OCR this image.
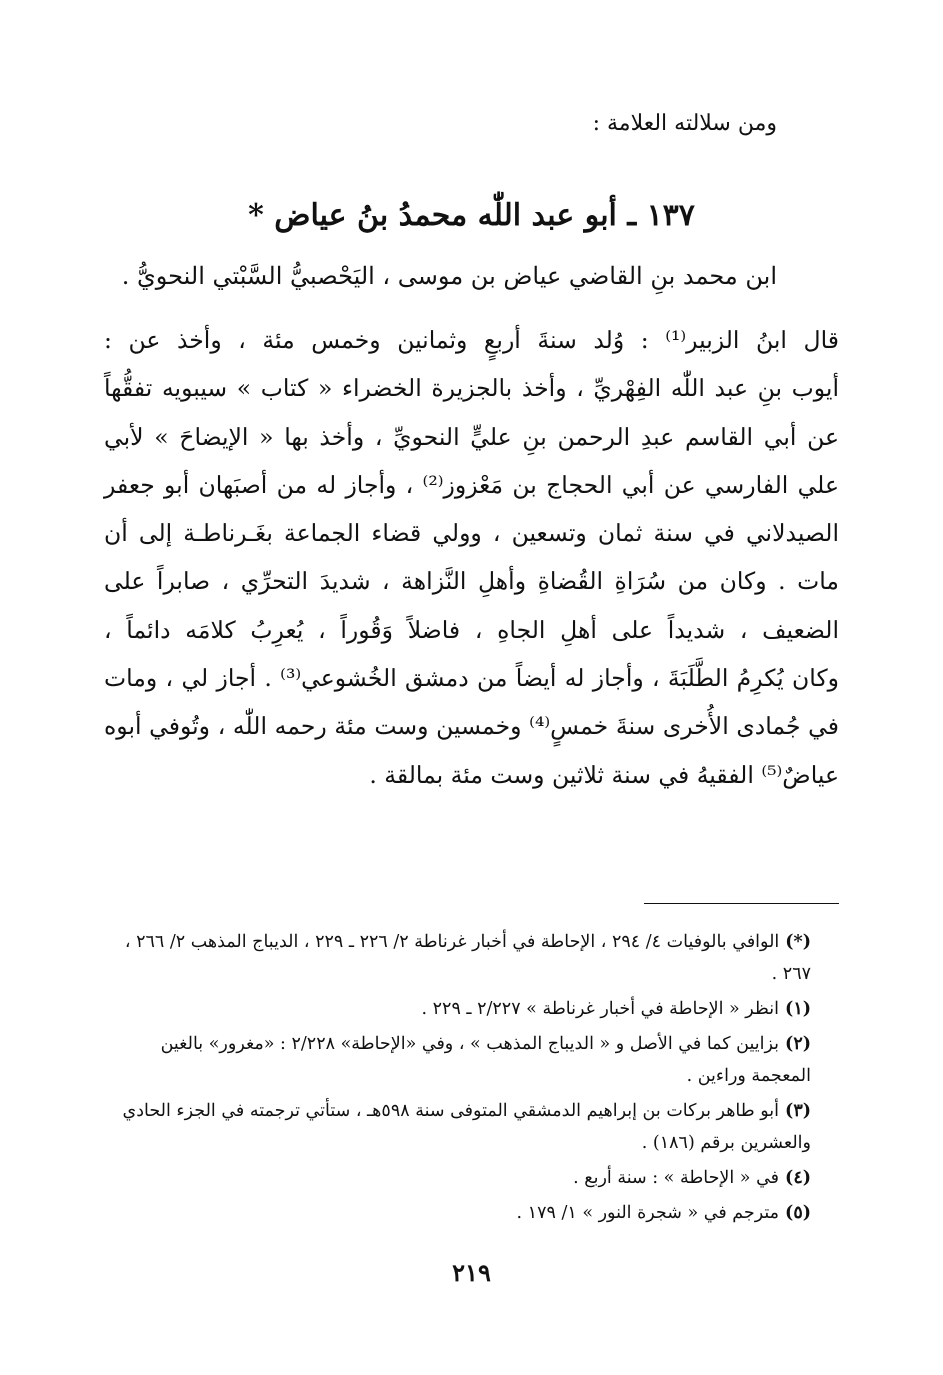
ومن سلالته العلامة :

١٣٧ ـ أبو عبد اللّٰه محمدُ بنُ عياض *

ابن محمد بنِ القاضي عياض بن موسى ، اليَحْصبيُّ السَّبْتي النحويُّ .

قال ابنُ الزبير⁽¹⁾ : وُلد سنةَ أربعٍ وثمانين وخمس مئة ، وأخذ عن :
أيوب بنِ عبد اللّٰه الفِهْريِّ ، وأخذ بالجزيرة الخضراء « كتاب » سيبويه تفقُّهاً
عن أبي القاسم عبدِ الرحمن بنِ عليٍّ النحويِّ ، وأخذ بها « الإيضاحَ » لأبي
علي الفارسي عن أبي الحجاج بن مَعْزوز⁽²⁾ ، وأجاز له من أصبَهان أبو جعفر
الصيدلاني في سنة ثمان وتسعين ، وولي قضاء الجماعة بغَـرناطـة إلى أن
مات . وكان من سُرَاةِ القُضاةِ وأهلِ النَّزاهة ، شديدَ التحرِّي ، صابراً على
الضعيف ، شديداً على أهلِ الجاهِ ، فاضلاً وَقُوراً ، يُعرِبُ كلامَه دائماً ،
وكان يُكرِمُ الطَّلَبَةَ ، وأجاز له أيضاً من دمشق الخُشوعي⁽³⁾ . أجاز لي ، ومات
في جُمادى الأُخرى سنةَ خمسٍ⁽⁴⁾ وخمسين وست مئة رحمه اللّٰه ، وتُوفي أبوه
عياضٌ⁽⁵⁾ الفقيهُ في سنة ثلاثين وست مئة بمالقة .
(*)الوافي بالوفيات ٤/ ٢٩٤ ، الإحاطة في أخبار غرناطة ٢/ ٢٢٦ ـ ٢٢٩ ، الديباج المذهب ٢/ ٢٦٦ ، ٢٦٧ .
(١)انظر « الإحاطة في أخبار غرناطة » ٢/٢٢٧ ـ ٢٢٩ .
(٢)بزايين كما في الأصل و « الديباج المذهب » ، وفي «الإحاطة» ٢/٢٢٨ : «مغرور» بالغين المعجمة وراءين .
(٣)أبو طاهر بركات بن إبراهيم الدمشقي المتوفى سنة ٥٩٨هـ ، ستأتي ترجمته في الجزء الحادي والعشرين برقم (١٨٦) .
(٤)في « الإحاطة » : سنة أربع .
(٥)مترجم في « شجرة النور » ١/ ١٧٩ .

٢١٩
